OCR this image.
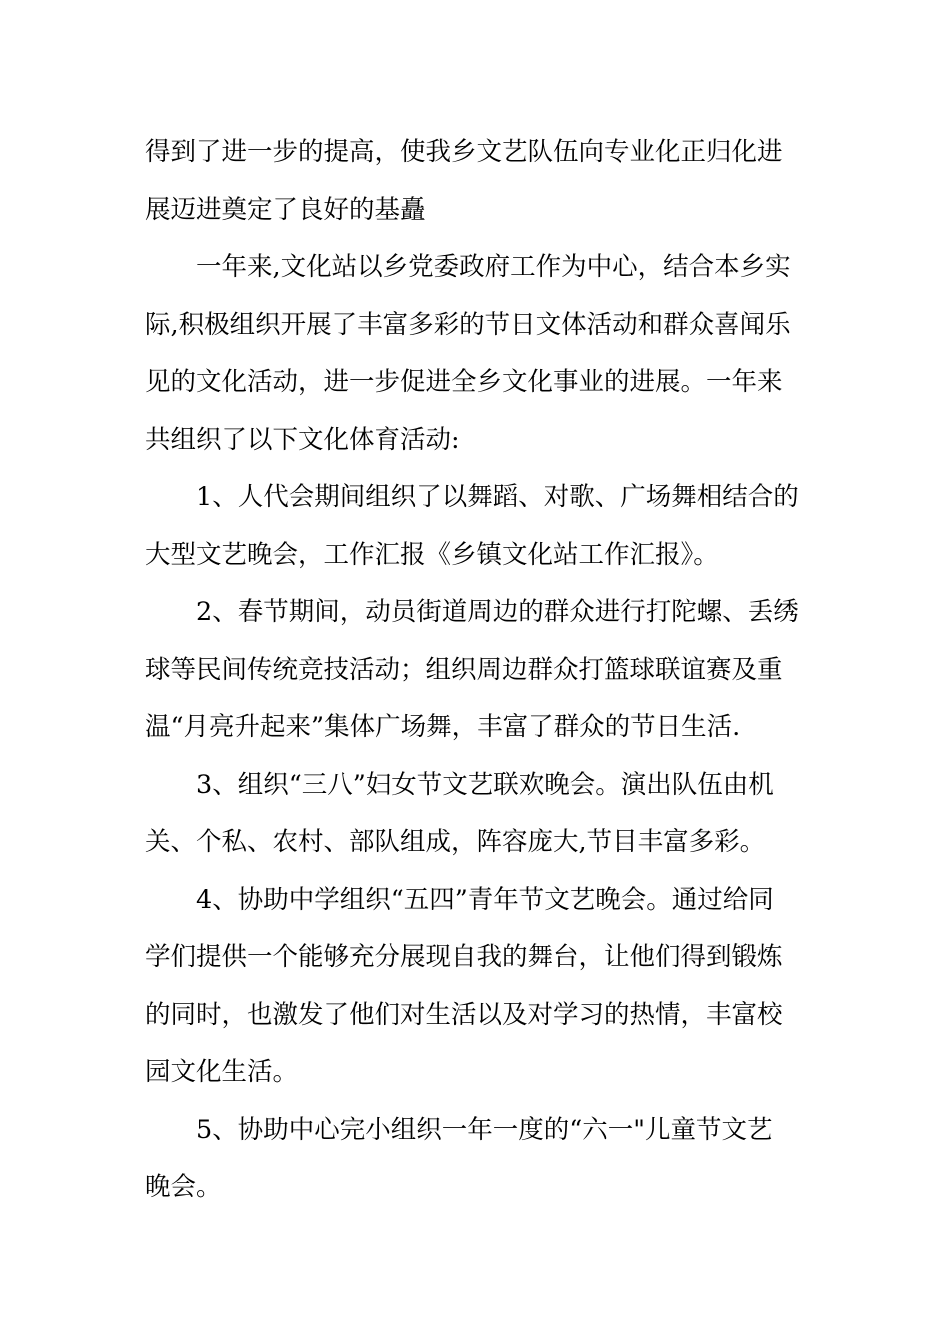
得到了进一步的提高，使我乡文艺队伍向专业化正归化进
展迈进奠定了良好的基矗
一年来,文化站以乡党委政府工作为中心，结合本乡实
际,积极组织开展了丰富多彩的节日文体活动和群众喜闻乐
见的文化活动，进一步促进全乡文化事业的进展。一年来
共组织了以下文化体育活动:
1、人代会期间组织了以舞蹈、对歌、广场舞相结合的
大型文艺晚会，工作汇报《乡镇文化站工作汇报》。
2、春节期间，动员街道周边的群众进行打陀螺、丢绣
球等民间传统竞技活动；组织周边群众打篮球联谊赛及重
温“月亮升起来”集体广场舞，丰富了群众的节日生活.
3、组织“三八”妇女节文艺联欢晚会。演出队伍由机
关、个私、农村、部队组成，阵容庞大,节目丰富多彩。
4、协助中学组织“五四”青年节文艺晚会。通过给同
学们提供一个能够充分展现自我的舞台，让他们得到锻炼
的同时，也激发了他们对生活以及对学习的热情，丰富校
园文化生活。
5、协助中心完小组织一年一度的“六一"儿童节文艺
晚会。
